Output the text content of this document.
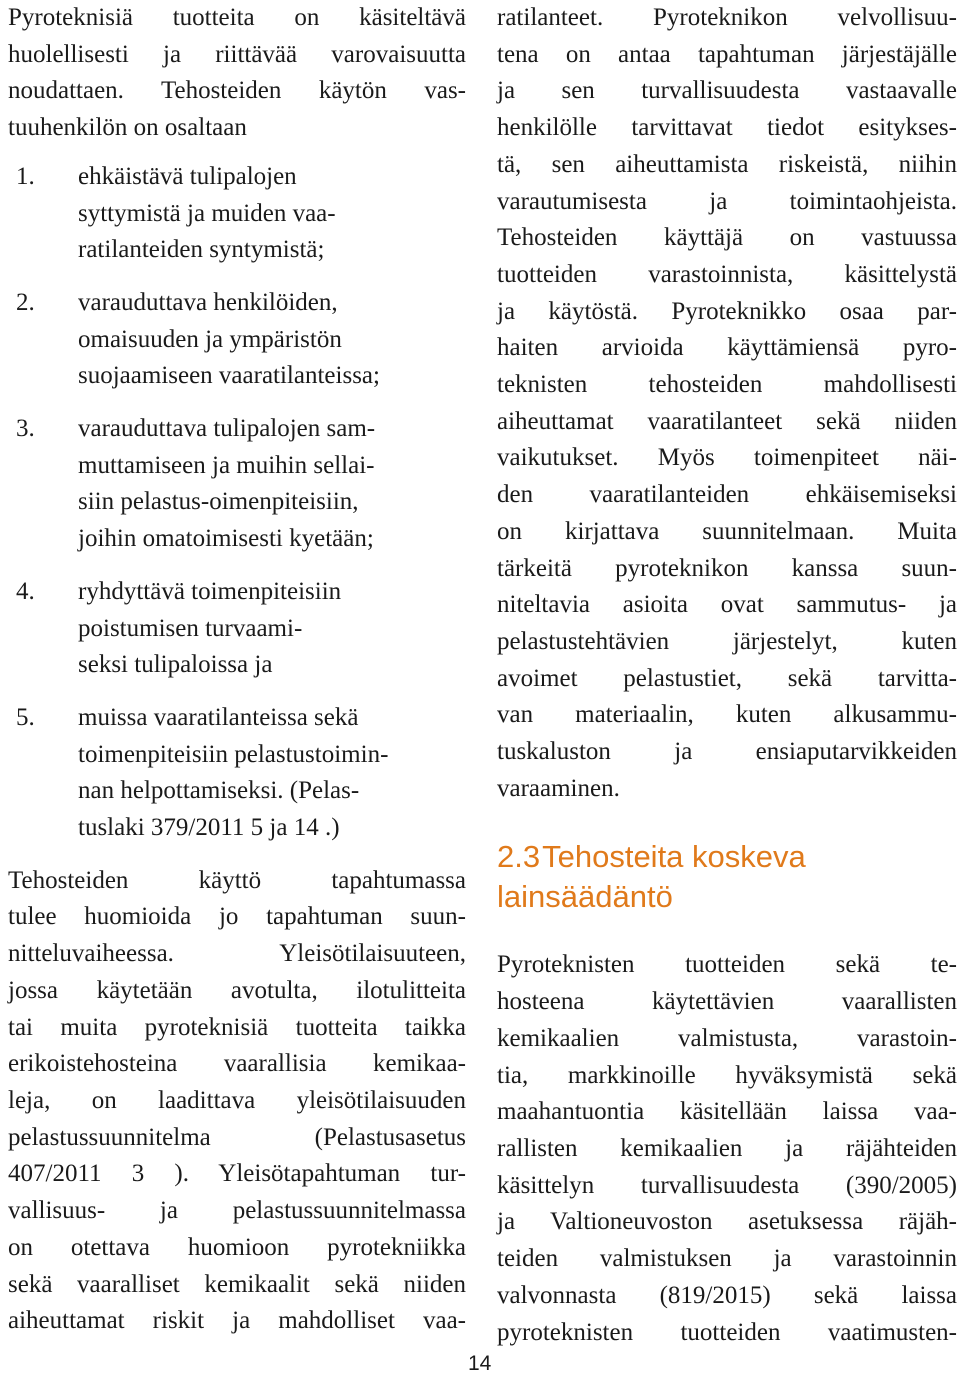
Pyroteknisiä tuotteita on käsiteltävä
huolellisesti ja riittävää varovaisuutta
noudattaen. Tehosteiden käytön vas-
tuuhenkilön on osaltaan
1. ehkäistävä tulipalojen
syttymistä ja muiden vaa-
ratilanteiden syntymistä;
2. varauduttava henkilöiden,
omaisuuden ja ympäristön
suojaamiseen vaaratilanteissa;
3. varauduttava tulipalojen sam-
muttamiseen ja muihin sellai-
siin pelastus-oimenpiteisiin,
joihin omatoimisesti kyetään;
4. ryhdyttävä toimenpiteisiin
poistumisen turvaami-
seksi tulipaloissa ja
5. muissa vaaratilanteissa sekä
toimenpiteisiin pelastustoimin-
nan helpottamiseksi. (Pelas-
tuslaki 379/2011 5 ja 14 .)
Tehosteiden käyttö tapahtumassa
tulee huomioida jo tapahtuman suun-
nitteluvaiheessa. Yleisötilaisuuteen,
jossa käytetään avotulta, ilotulitteita
tai muita pyroteknisiä tuotteita taikka
erikoistehosteina vaarallisia kemikaa-
leja, on laadittava yleisötilaisuuden
pelastussuunnitelma (Pelastusasetus
407/2011 3 ). Yleisötapahtuman tur-
vallisuus- ja pelastussuunnitelmassa
on otettava huomioon pyrotekniikka
sekä vaaralliset kemikaalit sekä niiden
aiheuttamat riskit ja mahdolliset vaa-
ratilanteet. Pyroteknikon velvollisuu-
tena on antaa tapahtuman järjestäjälle
ja sen turvallisuudesta vastaavalle
henkilölle tarvittavat tiedot esitykses-
tä, sen aiheuttamista riskeistä, niihin
varautumisesta ja toimintaohjeista.
Tehosteiden käyttäjä on vastuussa
tuotteiden varastoinnista, käsittelystä
ja käytöstä. Pyroteknikko osaa par-
haiten arvioida käyttämiensä pyro-
teknisten tehosteiden mahdollisesti
aiheuttamat vaaratilanteet sekä niiden
vaikutukset. Myös toimenpiteet näi-
den vaaratilanteiden ehkäisemiseksi
on kirjattava suunnitelmaan. Muita
tärkeitä pyroteknikon kanssa suun-
niteltavia asioita ovat sammutus- ja
pelastustehtävien järjestelyt, kuten
avoimet pelastustiet, sekä tarvitta-
van materiaalin, kuten alkusammu-
tuskaluston ja ensiaputarvikkeiden
varaaminen.
2.3Tehosteita koskeva
lainsäädäntö
Pyroteknisten tuotteiden sekä te-
hosteena käytettävien vaarallisten
kemikaalien valmistusta, varastoin-
tia, markkinoille hyväksymistä sekä
maahantuontia käsitellään laissa vaa-
rallisten kemikaalien ja räjähteiden
käsittelyn turvallisuudesta (390/2005)
ja Valtioneuvoston asetuksessa räjäh-
teiden valmistuksen ja varastoinnin
valvonnasta (819/2015) sekä laissa
pyroteknisten tuotteiden vaatimusten-
14
